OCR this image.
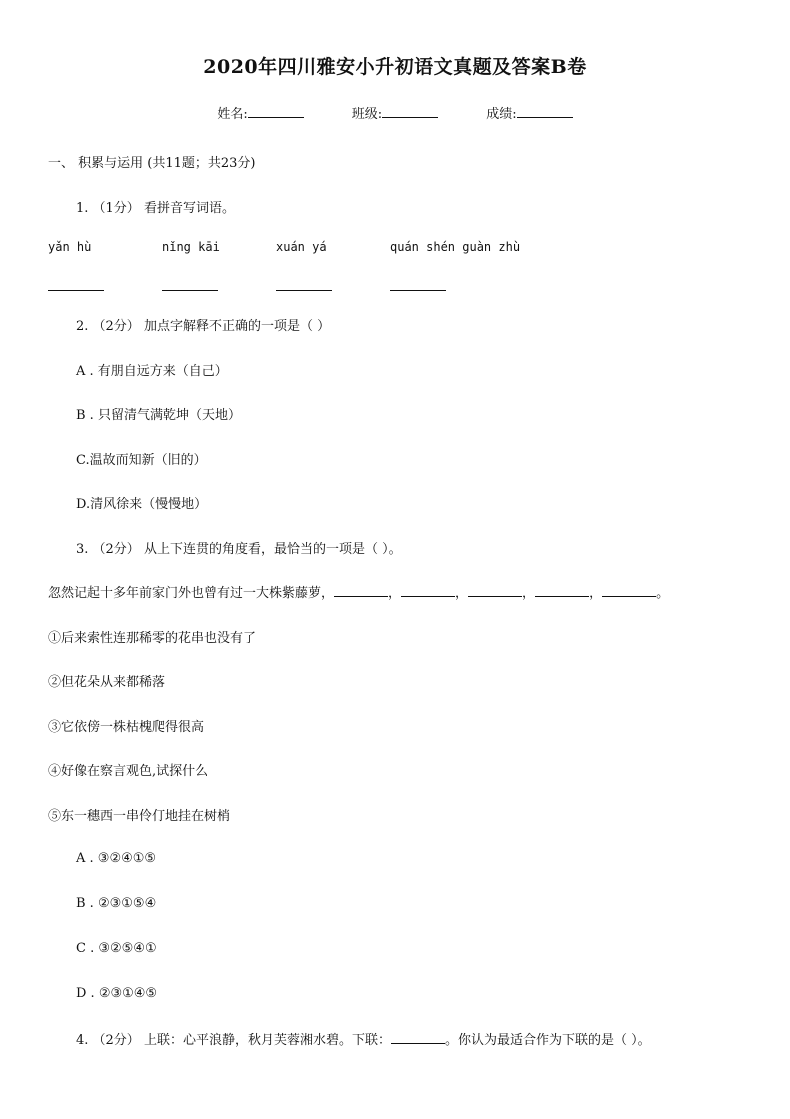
2020年四川雅安小升初语文真题及答案B卷
姓名:	班级:	成绩:
一、 积累与运用 (共11题；共23分)
1. （1分） 看拼音写词语。
yǎn hù	nǐng kāi	xuán yá	quán shén guàn zhù
2. （2分） 加点字解释不正确的一项是（ ）
A . 有朋自远方来（自己）
B . 只留清气满乾坤（天地）
C.温故而知新（旧的）
D.清风徐来（慢慢地）
3. （2分） 从上下连贯的角度看，最恰当的一项是（ ）。
忽然记起十多年前家门外也曾有过一大株紫藤萝，	，	，	，	，	。
①后来索性连那稀零的花串也没有了
②但花朵从来都稀落
③它依傍一株枯槐爬得很高
④好像在察言观色,试探什么
⑤东一穗西一串伶仃地挂在树梢
A . ③②④①⑤
B . ②③①⑤④
C . ③②⑤④①
D . ②③①④⑤
4. （2分） 上联：心平浪静，秋月芙蓉湘水碧。下联：	。你认为最适合作为下联的是（ ）。
